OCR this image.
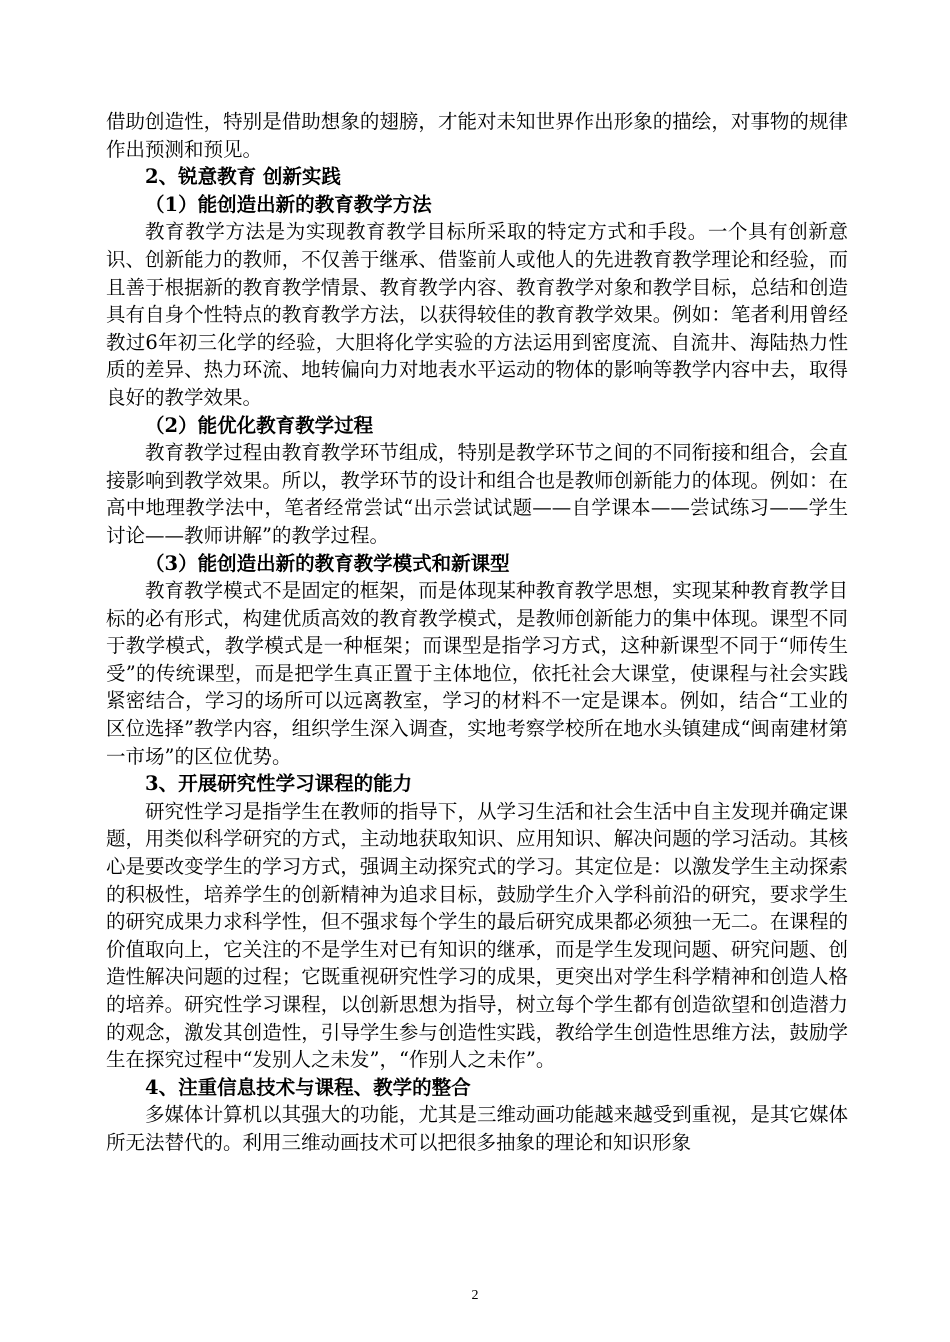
借助创造性，特别是借助想象的翅膀，才能对未知世界作出形象的描绘，对事物的规律作出预测和预见。

2、锐意教育 创新实践

（1）能创造出新的教育教学方法

教育教学方法是为实现教育教学目标所采取的特定方式和手段。一个具有创新意识、创新能力的教师，不仅善于继承、借鉴前人或他人的先进教育教学理论和经验，而且善于根据新的教育教学情景、教育教学内容、教育教学对象和教学目标，总结和创造具有自身个性特点的教育教学方法，以获得较佳的教育教学效果。例如：笔者利用曾经教过6年初三化学的经验，大胆将化学实验的方法运用到密度流、自流井、海陆热力性质的差异、热力环流、地转偏向力对地表水平运动的物体的影响等教学内容中去，取得良好的教学效果。

（2）能优化教育教学过程

教育教学过程由教育教学环节组成，特别是教学环节之间的不同衔接和组合，会直接影响到教学效果。所以，教学环节的设计和组合也是教师创新能力的体现。例如：在高中地理教学法中，笔者经常尝试“出示尝试试题——自学课本——尝试练习——学生讨论——教师讲解”的教学过程。

（3）能创造出新的教育教学模式和新课型

教育教学模式不是固定的框架，而是体现某种教育教学思想，实现某种教育教学目标的必有形式，构建优质高效的教育教学模式，是教师创新能力的集中体现。课型不同于教学模式，教学模式是一种框架；而课型是指学习方式，这种新课型不同于“师传生受”的传统课型，而是把学生真正置于主体地位，依托社会大课堂，使课程与社会实践紧密结合，学习的场所可以远离教室，学习的材料不一定是课本。例如，结合“工业的区位选择”教学内容，组织学生深入调查，实地考察学校所在地水头镇建成“闽南建材第一市场”的区位优势。

3、开展研究性学习课程的能力

研究性学习是指学生在教师的指导下，从学习生活和社会生活中自主发现并确定课题，用类似科学研究的方式，主动地获取知识、应用知识、解决问题的学习活动。其核心是要改变学生的学习方式，强调主动探究式的学习。其定位是：以激发学生主动探索的积极性，培养学生的创新精神为追求目标，鼓励学生介入学科前沿的研究，要求学生的研究成果力求科学性，但不强求每个学生的最后研究成果都必须独一无二。在课程的价值取向上，它关注的不是学生对已有知识的继承，而是学生发现问题、研究问题、创造性解决问题的过程；它既重视研究性学习的成果，更突出对学生科学精神和创造人格的培养。研究性学习课程，以创新思想为指导，树立每个学生都有创造欲望和创造潜力的观念，激发其创造性，引导学生参与创造性实践，教给学生创造性思维方法，鼓励学生在探究过程中“发别人之未发”，“作别人之未作”。

4、注重信息技术与课程、教学的整合

多媒体计算机以其强大的功能，尤其是三维动画功能越来越受到重视，是其它媒体所无法替代的。利用三维动画技术可以把很多抽象的理论和知识形象

2
